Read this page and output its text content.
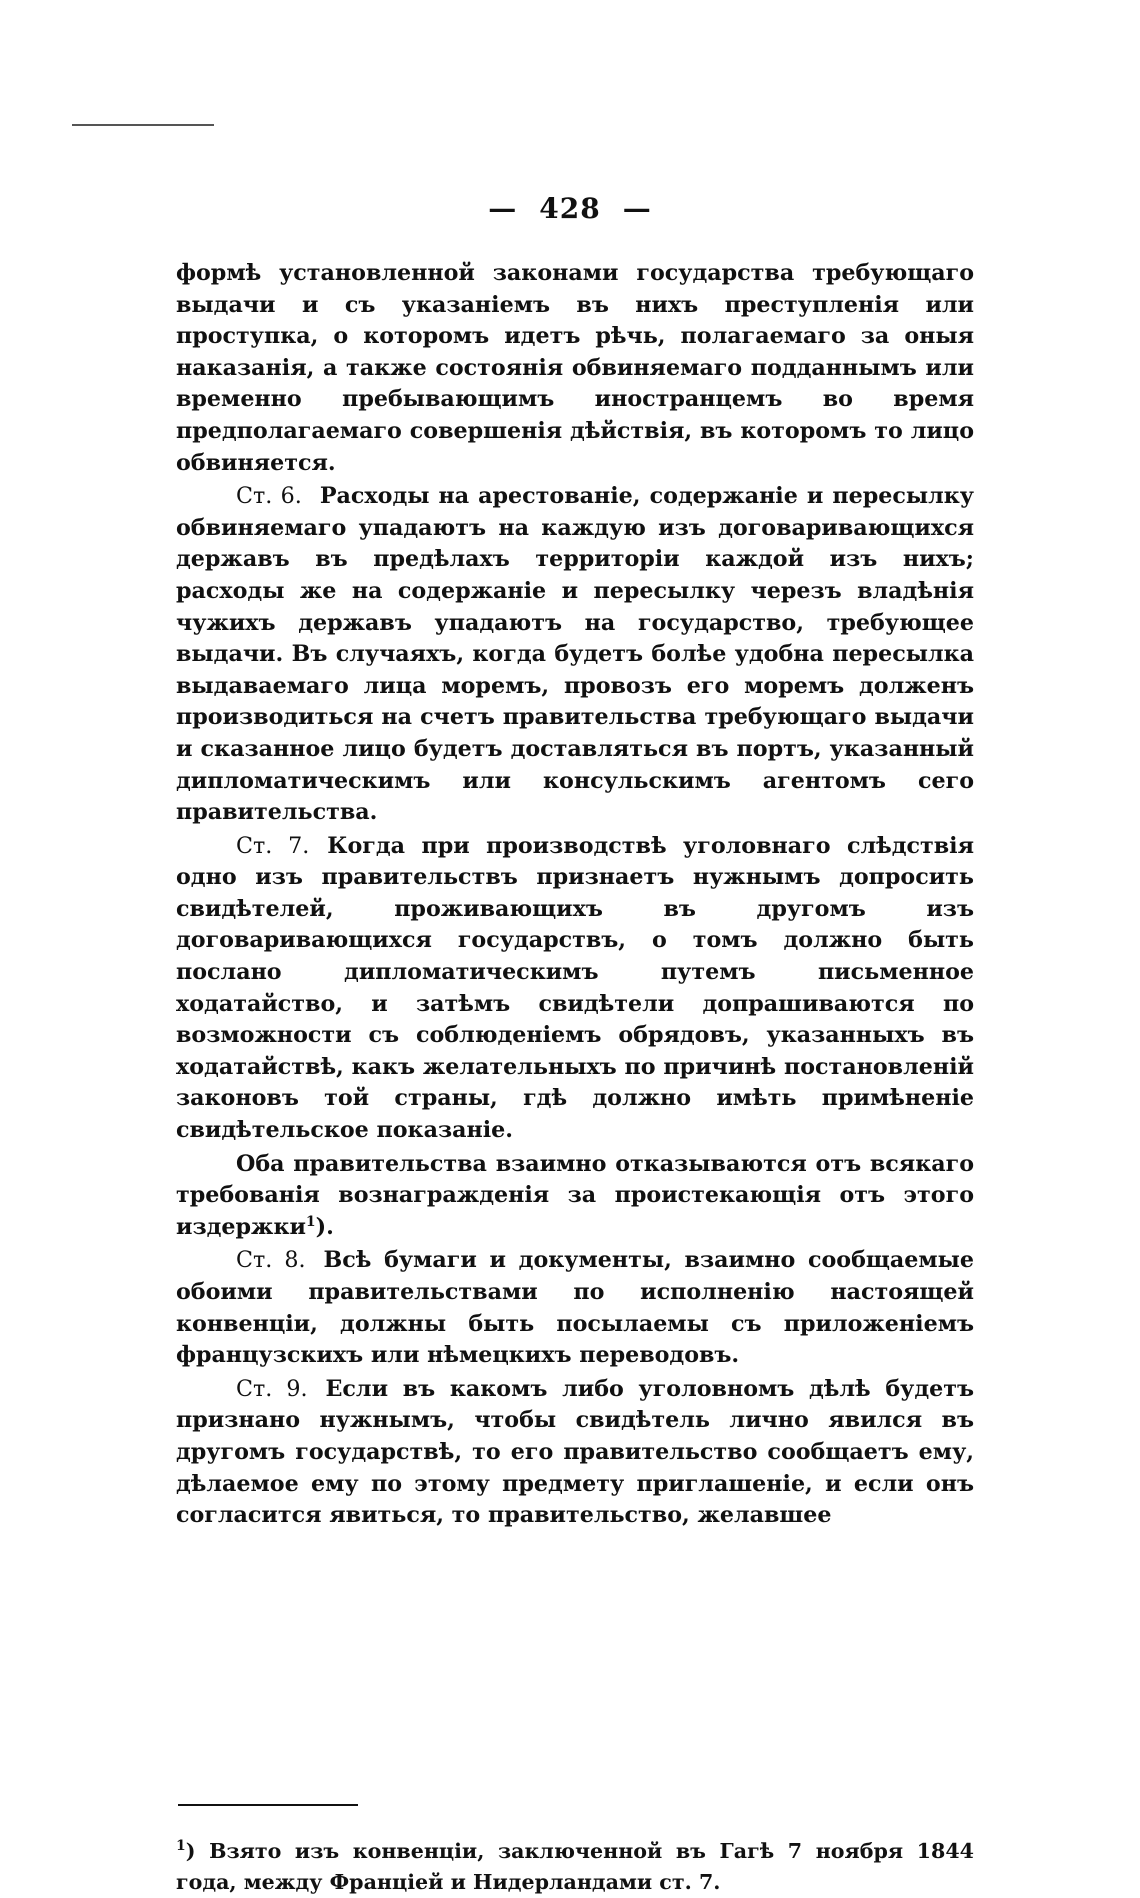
— 428 —

формѣ установленной законами государства требующаго выдачи и съ указаніемъ въ нихъ преступленія или проступка, о которомъ идетъ рѣчь, полагаемаго за оныя наказанія, а также состоянія обвиняемаго подданнымъ или временно пребывающимъ иностранцемъ во время предполагаемаго совершенія дѣйствія, въ которомъ то лицо обвиняется.

Ст. 6. Расходы на арестованіе, содержаніе и пересылку обвиняемаго упадаютъ на каждую изъ договаривающихся державъ въ предѣлахъ территоріи каждой изъ нихъ; расходы же на содержаніе и пересылку черезъ владѣнія чужихъ державъ упадаютъ на государство, требующее выдачи. Въ случаяхъ, когда будетъ болѣе удобна пересылка выдаваемаго лица моремъ, провозъ его моремъ долженъ производиться на счетъ правительства требующаго выдачи и сказанное лицо будетъ доставляться въ портъ, указанный дипломатическимъ или консульскимъ агентомъ сего правительства.

Ст. 7. Когда при производствѣ уголовнаго слѣдствія одно изъ правительствъ признаетъ нужнымъ допросить свидѣтелей, проживающихъ въ другомъ изъ договаривающихся государствъ, о томъ должно быть послано дипломатическимъ путемъ письменное ходатайство, и затѣмъ свидѣтели допрашиваются по возможности съ соблюденіемъ обрядовъ, указанныхъ въ ходатайствѣ, какъ желательныхъ по причинѣ постановленій законовъ той страны, гдѣ должно имѣть примѣненіе свидѣтельское показаніе.

Оба правительства взаимно отказываются отъ всякаго требованія вознагражденія за проистекающія отъ этого издержки$^1$).

Ст. 8. Всѣ бумаги и документы, взаимно сообщаемые обоими правительствами по исполненію настоящей конвенціи, должны быть посылаемы съ приложеніемъ французскихъ или нѣмецкихъ переводовъ.

Ст. 9. Если въ какомъ либо уголовномъ дѣлѣ будетъ признано нужнымъ, чтобы свидѣтель лично явился въ другомъ государствѣ, то его правительство сообщаетъ ему, дѣлаемое ему по этому предмету приглашеніе, и если онъ согласится явиться, то правительство, желавшее

$^1$) Взято изъ конвенціи, заключенной въ Гагѣ 7 ноября 1844 года, между Франціей и Нидерландами ст. 7.
